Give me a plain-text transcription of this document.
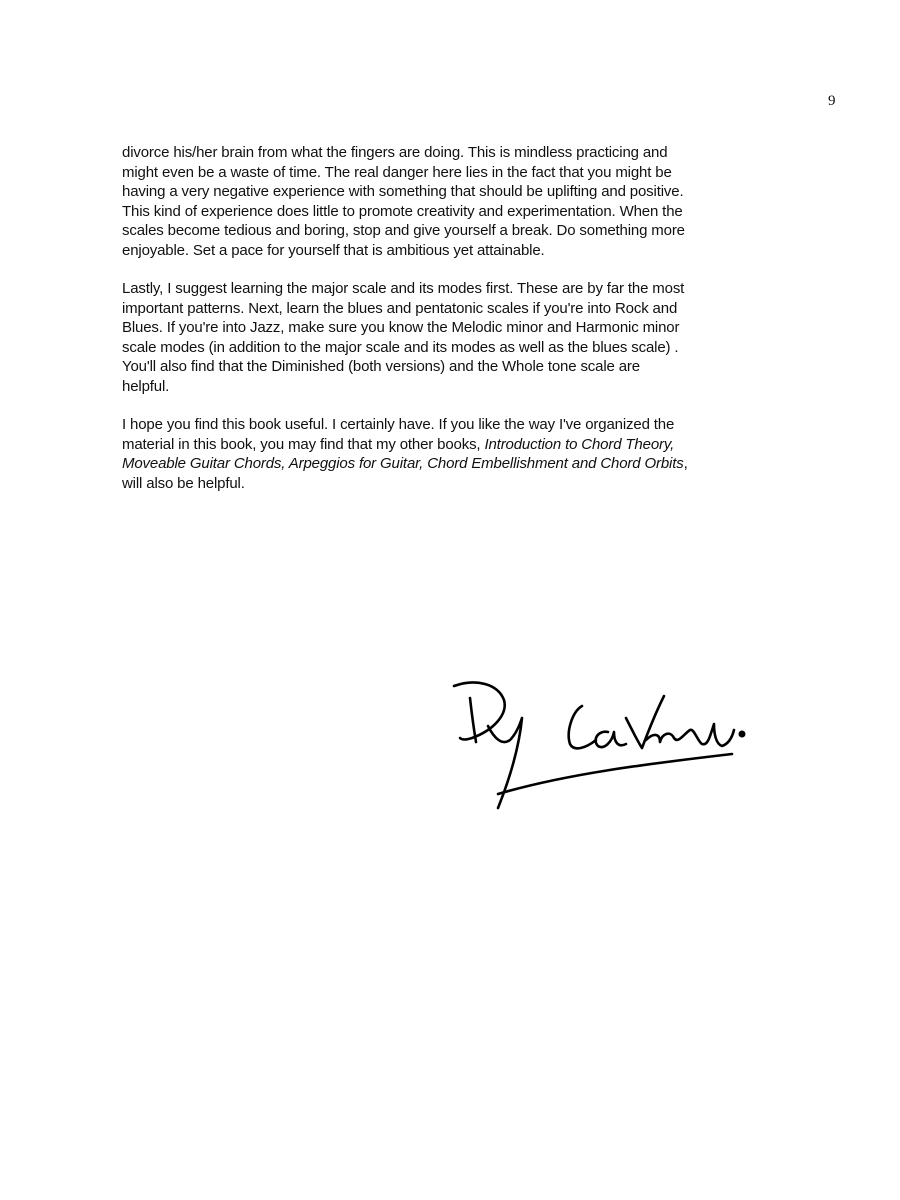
9

divorce his/her brain from what the fingers are doing. This is mindless practicing and
might even be a waste of time. The real danger here lies in the fact that you might be
having a very negative experience with something that should be uplifting and positive.
This kind of experience does little to promote creativity and experimentation. When the
scales become tedious and boring, stop and give yourself a break. Do something more
enjoyable. Set a pace for yourself that is ambitious yet attainable.

Lastly, I suggest learning the major scale and its modes first. These are by far the most
important patterns. Next, learn the blues and pentatonic scales if you're into Rock and
Blues. If you're into Jazz, make sure you know the Melodic minor and Harmonic minor
scale modes (in addition to the major scale and its modes as well as the blues scale) .
You'll also find that the Diminished (both versions) and the Whole tone scale are
helpful.

I hope you find this book useful. I certainly have. If you like the way I've organized the
material in this book, you may find that my other books, Introduction to Chord Theory,
Moveable Guitar Chords, Arpeggios for Guitar, Chord Embellishment and Chord Orbits,
will also be helpful.
